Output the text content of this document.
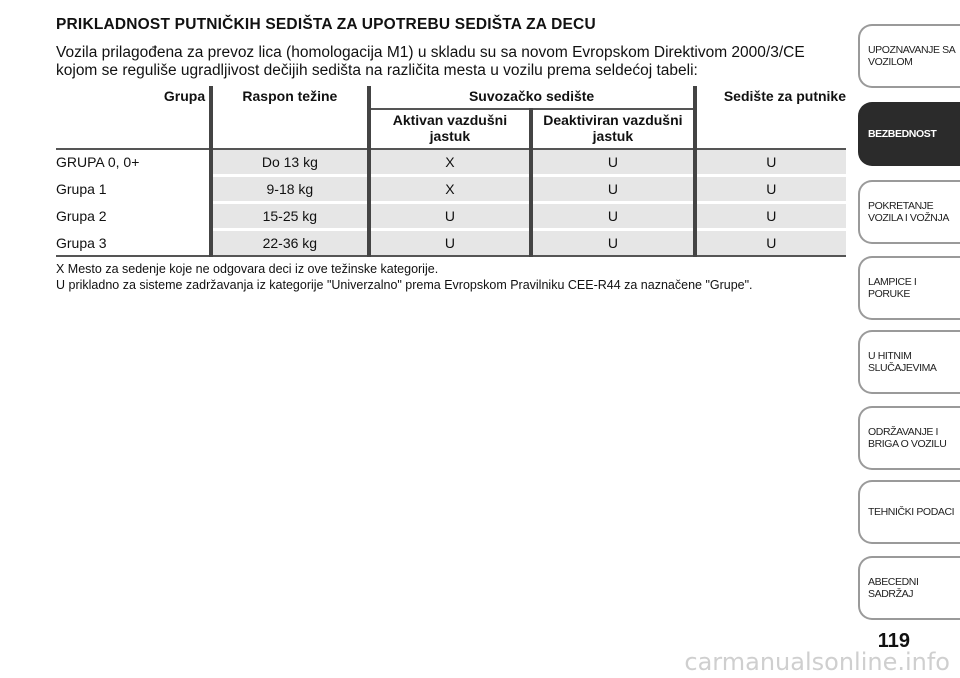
PRIKLADNOST PUTNIČKIH SEDIŠTA ZA UPOTREBU SEDIŠTA ZA DECU
Vozila prilagođena za prevoz lica (homologacija M1) u skladu su sa novom Evropskom Direktivom 2000/3/CE kojom se reguliše ugradljivost dečijih sedišta na različita mesta u vozilu prema seldećoj tabeli:
Grupa	Raspon težine	Suvozačko sedište		Sedište za putnike
		Aktivan vazdušni jastuk	Deaktiviran vazdušni jastuk	
GRUPA 0, 0+	Do 13 kg	X	U	U
Grupa 1	9-18 kg	X	U	U
Grupa 2	15-25 kg	U	U	U
Grupa 3	22-36 kg	U	U	U
X Mesto za sedenje koje ne odgovara deci iz ove težinske kategorije.
U prikladno za sisteme zadržavanja iz kategorije "Univerzalno" prema Evropskom Pravilniku CEE-R44 za naznačene "Grupe".
UPOZNAVANJE SA VOZILOM
BEZBEDNOST
POKRETANJE VOZILA I VOŽNJA
LAMPICE I PORUKE
U HITNIM SLUČAJEVIMA
ODRŽAVANJE I BRIGA O VOZILU
TEHNIČKI PODACI
ABECEDNI SADRŽAJ
119
carmanualsonline.info
